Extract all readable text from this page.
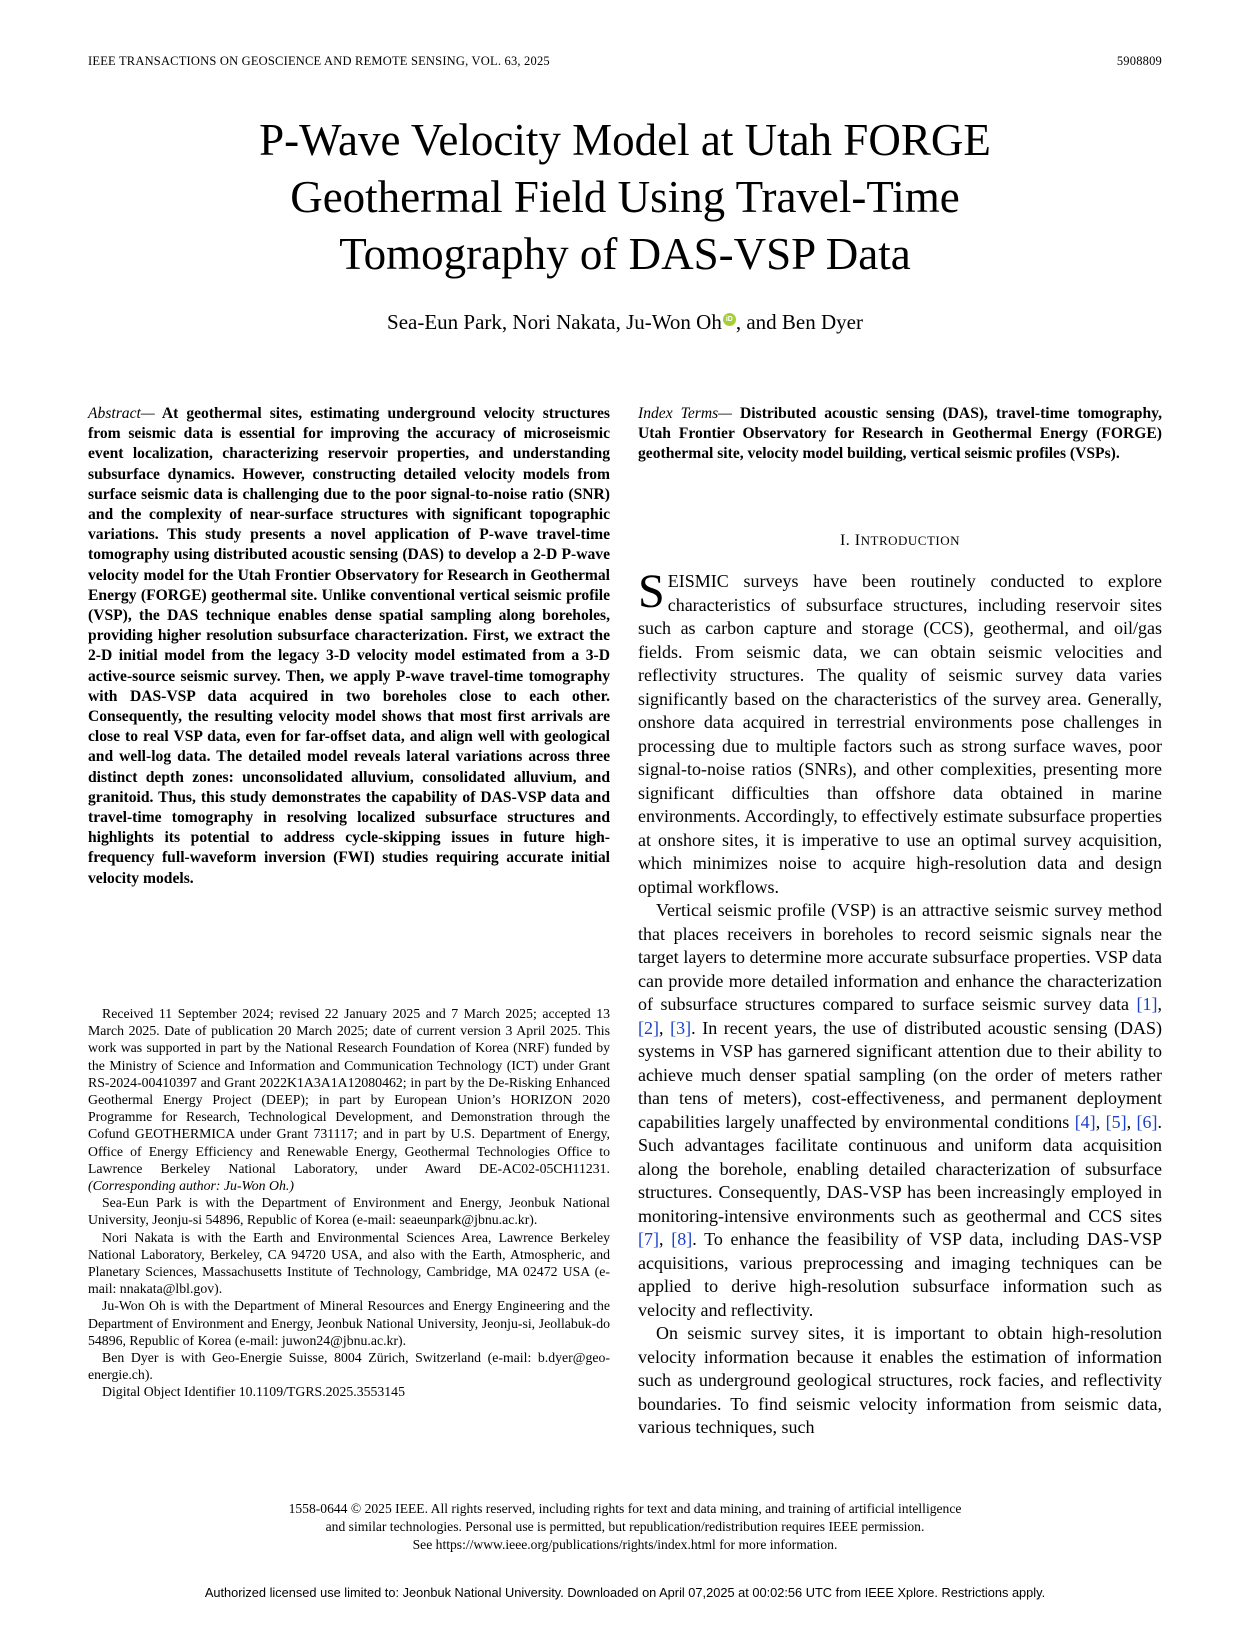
IEEE TRANSACTIONS ON GEOSCIENCE AND REMOTE SENSING, VOL. 63, 2025	5908809
P-Wave Velocity Model at Utah FORGE
Geothermal Field Using Travel-Time
Tomography of DAS-VSP Data
Sea-Eun Park, Nori Nakata, Ju-Won Oh iD , and Ben Dyer
Abstract— At geothermal sites, estimating underground velocity structures from seismic data is essential for improving the accuracy of microseismic event localization, characterizing reservoir properties, and understanding subsurface dynamics. However, constructing detailed velocity models from surface seismic data is challenging due to the poor signal-to-noise ratio (SNR) and the complexity of near-surface structures with significant topographic variations. This study presents a novel application of P-wave travel-time tomography using distributed acoustic sensing (DAS) to develop a 2-D P-wave velocity model for the Utah Frontier Observatory for Research in Geothermal Energy (FORGE) geothermal site. Unlike conventional vertical seismic profile (VSP), the DAS technique enables dense spatial sampling along boreholes, providing higher resolution subsurface characterization. First, we extract the 2-D initial model from the legacy 3-D velocity model estimated from a 3-D active-source seismic survey. Then, we apply P-wave travel-time tomography with DAS-VSP data acquired in two boreholes close to each other. Consequently, the resulting velocity model shows that most first arrivals are close to real VSP data, even for far-offset data, and align well with geological and well-log data. The detailed model reveals lateral variations across three distinct depth zones: unconsolidated alluvium, consolidated alluvium, and granitoid. Thus, this study demonstrates the capability of DAS-VSP data and travel-time tomography in resolving localized subsurface structures and highlights its potential to address cycle-skipping issues in future high-frequency full-waveform inversion (FWI) studies requiring accurate initial velocity models.

Received 11 September 2024; revised 22 January 2025 and 7 March 2025; accepted 13 March 2025. Date of publication 20 March 2025; date of current version 3 April 2025. This work was supported in part by the National Research Foundation of Korea (NRF) funded by the Ministry of Science and Information and Communication Technology (ICT) under Grant RS-2024-00410397 and Grant 2022K1A3A1A12080462; in part by the De-Risking Enhanced Geothermal Energy Project (DEEP); in part by European Union’s HORIZON 2020 Programme for Research, Technological Development, and Demonstration through the Cofund GEOTHERMICA under Grant 731117; and in part by U.S. Department of Energy, Office of Energy Efficiency and Renewable Energy, Geothermal Technologies Office to Lawrence Berkeley National Laboratory, under Award DE-AC02-05CH11231. (Corresponding author: Ju-Won Oh.)

Sea-Eun Park is with the Department of Environment and Energy, Jeonbuk National University, Jeonju-si 54896, Republic of Korea (e-mail: seaeunpark@jbnu.ac.kr).

Nori Nakata is with the Earth and Environmental Sciences Area, Lawrence Berkeley National Laboratory, Berkeley, CA 94720 USA, and also with the Earth, Atmospheric, and Planetary Sciences, Massachusetts Institute of Technology, Cambridge, MA 02472 USA (e-mail: nnakata@lbl.gov).

Ju-Won Oh is with the Department of Mineral Resources and Energy Engineering and the Department of Environment and Energy, Jeonbuk National University, Jeonju-si, Jeollabuk-do 54896, Republic of Korea (e-mail: juwon24@jbnu.ac.kr).

Ben Dyer is with Geo-Energie Suisse, 8004 Zürich, Switzerland (e-mail: b.dyer@geo-energie.ch).

Digital Object Identifier 10.1109/TGRS.2025.3553145

Index Terms— Distributed acoustic sensing (DAS), travel-time tomography, Utah Frontier Observatory for Research in Geothermal Energy (FORGE) geothermal site, velocity model building, vertical seismic profiles (VSPs).
I. INTRODUCTION

SEISMIC surveys have been routinely conducted to explore characteristics of subsurface structures, including reservoir sites such as carbon capture and storage (CCS), geothermal, and oil/gas fields. From seismic data, we can obtain seismic velocities and reflectivity structures. The quality of seismic survey data varies significantly based on the characteristics of the survey area. Generally, onshore data acquired in terrestrial environments pose challenges in processing due to multiple factors such as strong surface waves, poor signal-to-noise ratios (SNRs), and other complexities, presenting more significant difficulties than offshore data obtained in marine environments. Accordingly, to effectively estimate subsurface properties at onshore sites, it is imperative to use an optimal survey acquisition, which minimizes noise to acquire high-resolution data and design optimal workflows.

Vertical seismic profile (VSP) is an attractive seismic survey method that places receivers in boreholes to record seismic signals near the target layers to determine more accurate subsurface properties. VSP data can provide more detailed information and enhance the characterization of subsurface structures compared to surface seismic survey data [1], [2], [3]. In recent years, the use of distributed acoustic sensing (DAS) systems in VSP has garnered significant attention due to their ability to achieve much denser spatial sampling (on the order of meters rather than tens of meters), cost-effectiveness, and permanent deployment capabilities largely unaffected by environmental conditions [4], [5], [6]. Such advantages facilitate continuous and uniform data acquisition along the borehole, enabling detailed characterization of subsurface structures. Consequently, DAS-VSP has been increasingly employed in monitoring-intensive environments such as geothermal and CCS sites [7], [8]. To enhance the feasibility of VSP data, including DAS-VSP acquisitions, various preprocessing and imaging techniques can be applied to derive high-resolution subsurface information such as velocity and reflectivity.

On seismic survey sites, it is important to obtain high-resolution velocity information because it enables the estimation of information such as underground geological structures, rock facies, and reflectivity boundaries. To find seismic velocity information from seismic data, various techniques, such

1558-0644 © 2025 IEEE. All rights reserved, including rights for text and data mining, and training of artificial intelligence
and similar technologies. Personal use is permitted, but republication/redistribution requires IEEE permission.
See https://www.ieee.org/publications/rights/index.html for more information.
Authorized licensed use limited to: Jeonbuk National University. Downloaded on April 07,2025 at 00:02:56 UTC from IEEE Xplore. Restrictions apply.
